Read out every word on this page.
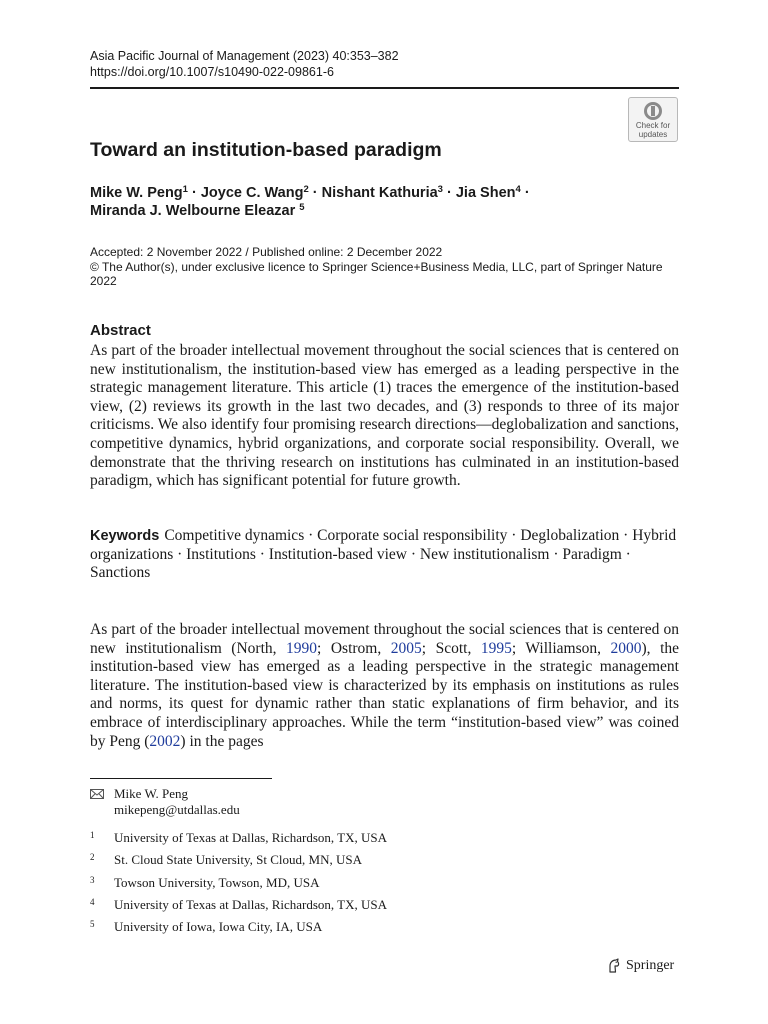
Asia Pacific Journal of Management (2023) 40:353–382
https://doi.org/10.1007/s10490-022-09861-6
Check for
updates
Toward an institution-based paradigm
Mike W. Peng$^1$ · Joyce C. Wang$^2$ · Nishant Kathuria$^3$ · Jia Shen$^4$ ·
Miranda J. Welbourne Eleazar $^5$
Accepted: 2 November 2022 / Published online: 2 December 2022
© The Author(s), under exclusive licence to Springer Science+Business Media, LLC, part of Springer Nature 2022
Abstract
As part of the broader intellectual movement throughout the social sciences that is centered on new institutionalism, the institution-based view has emerged as a leading perspective in the strategic management literature. This article (1) traces the emergence of the institution-based view, (2) reviews its growth in the last two decades, and (3) responds to three of its major criticisms. We also identify four promising research directions—deglobalization and sanctions, competitive dynamics, hybrid organizations, and corporate social responsibility. Overall, we demonstrate that the thriving research on institutions has culminated in an institution-based paradigm, which has significant potential for future growth.
Keywords Competitive dynamics · Corporate social responsibility · Deglobalization · Hybrid organizations · Institutions · Institution-based view · New institutionalism · Paradigm · Sanctions
As part of the broader intellectual movement throughout the social sciences that is centered on new institutionalism (North, 1990; Ostrom, 2005; Scott, 1995; Williamson, 2000), the institution-based view has emerged as a leading perspective in the strategic management literature. The institution-based view is characterized by its emphasis on institutions as rules and norms, its quest for dynamic rather than static explanations of firm behavior, and its embrace of interdisciplinary approaches. While the term “institution-based view” was coined by Peng (2002) in the pages
Mike W. Peng
mikepeng@utdallas.edu
1 University of Texas at Dallas, Richardson, TX, USA
2 St. Cloud State University, St Cloud, MN, USA
3 Towson University, Towson, MD, USA
4 University of Texas at Dallas, Richardson, TX, USA
5 University of Iowa, Iowa City, IA, USA
Springer
